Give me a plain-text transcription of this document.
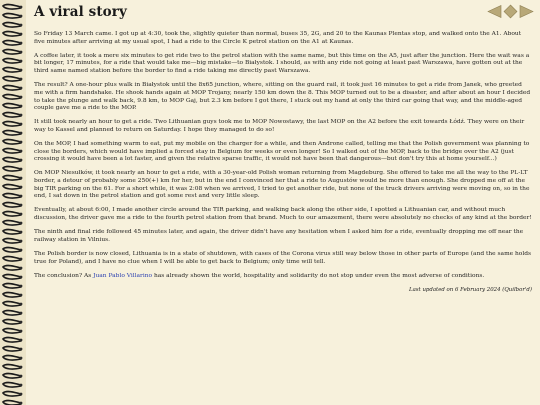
A viral story

So Friday 13 March came. I got up at 4:30, took the, slightly quieter than normal, buses 35, 2G, and 20 to the Kaunas Plentas stop, and walked onto the A1. About five minutes after arriving at my usual spot, I had a ride to the Circle K petrol station on the A1 at Kaunas.

A coffee later, it took a mere six minutes to get ride two to the petrol station with the same name, but this time on the A5, just after the junction. Here the wait was a bit longer, 17 minutes, for a ride that would take me—big mistake—to Białystok. I should, as with any ride not going at least past Warszawa, have gotten out at the third same named station before the border to find a ride taking me directly past Warszawa.

The result? A one-hour plus walk in Białystok until the 8x65 junction, where, sitting on the guard rail, it took just 16 minutes to get a ride from Janek, who greeted me with a firm handshake. He shook hands again at MOP Trojany, nearly 150 km down the 8. This MOP turned out to be a disaster, and after about an hour I decided to take the plunge and walk back, 9.8 km, to MOP Gaj, but 2.3 km before I got there, I stuck out my hand at only the third car going that way, and the middle-aged couple gave me a ride to the MOP.

It still took nearly an hour to get a ride. Two Lithuanian guys took me to MOP Nowostawy, the last MOP on the A2 before the exit towards Łódź. They were on their way to Kassel and planned to return on Saturday. I hope they managed to do so!

On the MOP, I had something warm to eat, put my mobile on the charger for a while, and then Androne called, telling me that the Polish government was planning to close the borders, which would have implied a forced stay in Belgium for weeks or even longer! So I walked out of the MOP, back to the bridge over the A2 (just crossing it would have been a lot faster, and given the relative sparse traffic, it would not have been that dangerous—but don't try this at home yourself...)

On MOP Niesułków, it took nearly an hour to get a ride, with a 30-year-old Polish woman returning from Magdeburg. She offered to take me all the way to the PL-LT border, a detour of probably some 250(+) km for her, but in the end I convinced her that a ride to Augustów would be more than enough. She dropped me off at the big TIR parking on the 61. For a short while, it was 2:08 when we arrived, I tried to get another ride, but none of the truck drivers arriving were moving on, so in the end, I sat down in the petrol station and got some rest and very little sleep.

Eventually, at about 6:00, I made another circle around the TIR parking, and walking back along the other side, I spotted a Lithuanian car, and without much discussion, the driver gave me a ride to the fourth petrol station from that brand. Much to our amazement, there were absolutely no checks of any kind at the border!

The ninth and final ride followed 45 minutes later, and again, the driver didn't have any hesitation when I asked him for a ride, eventually dropping me off near the railway station in Vilnius.

The Polish border is now closed, Lithuania is in a state of shutdown, with cases of the Corona virus still way below those in other parts of Europe (and the same holds true for Poland), and I have no clue when I will be able to get back to Belgium; only time will tell.

The conclusion? As Juan Pablo Villarino has already shown the world, hospitality and solidarity do not stop under even the most adverse of conditions.

Last updated on 6 February 2024 (Quilbor'd)
